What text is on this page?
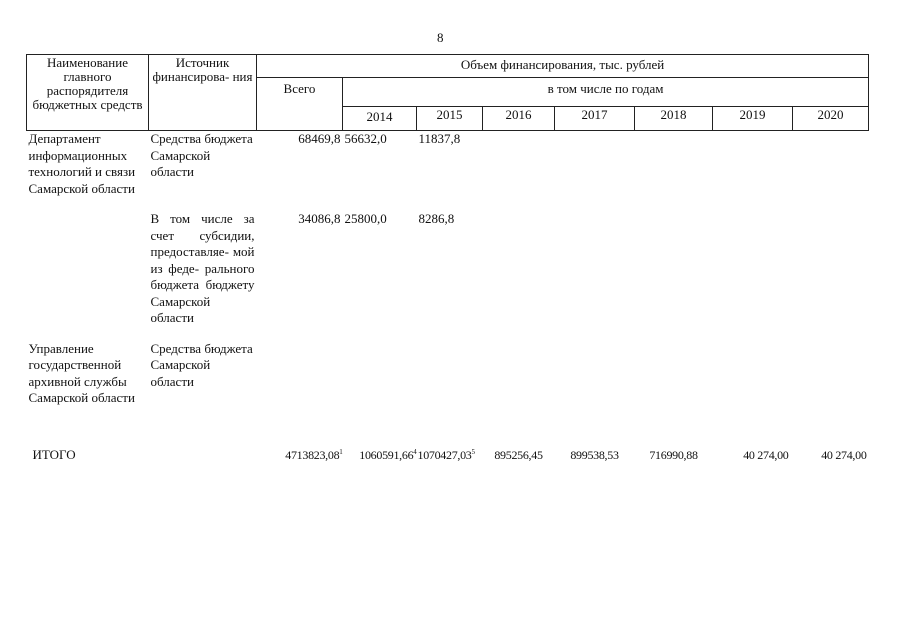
8
Наименование главного распорядителя бюджетных средств	Источник финансирова- ния	Объем финансирования, тыс. рублей							
		Всего	в том числе по годам						
			2014	2015	2016	2017	2018	2019	2020
Департамент информационных технологий и связи Самарской области	Средства бюджета Самарской области	68469,8	56632,0	11837,8					

	В том числе за счет субсидии, предоставляе- мой из феде- рального бюджета бюджету Самарской области	34086,8	25800,0	8286,8					

Управление государственной архивной службы Самарской области	Средства бюджета Самарской области								

ИТОГО		4713823,08$^1$	1060591,66$^4$	1070427,03$^5$	895256,45	899538,53	716990,88	40 274,00	40 274,00
